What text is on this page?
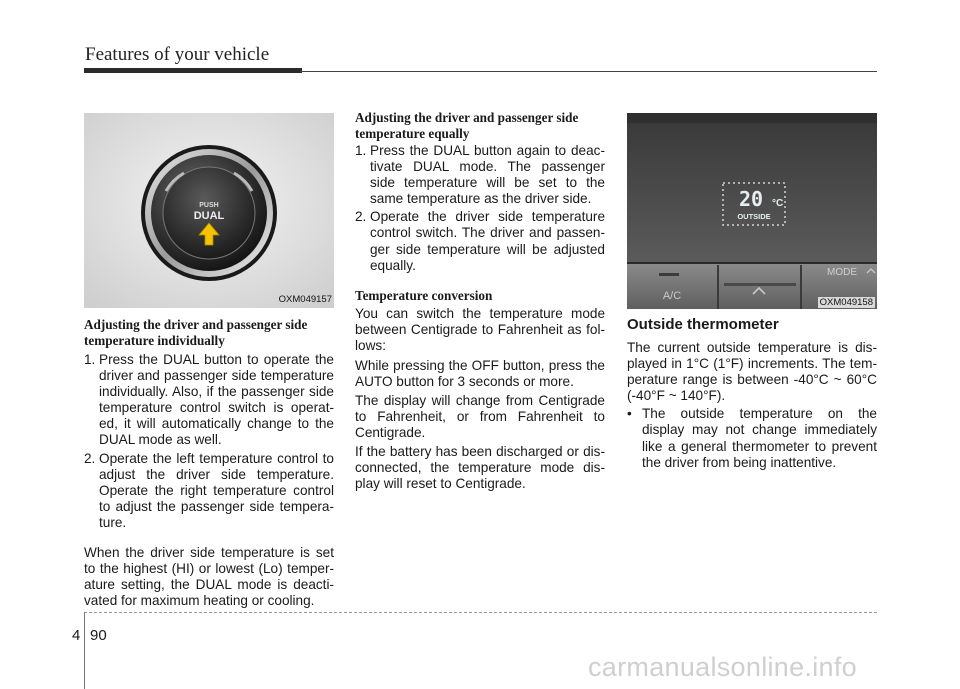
Features of your vehicle
PUSH
DUAL
OXM049157
Adjusting the driver and passenger side temperature individually
1. Press the DUAL button to operate the driver and passenger side temperature individually. Also, if the passenger side temperature control switch is operat-ed, it will automatically change to the DUAL mode as well.
2. Operate the left temperature control to adjust the driver side temperature. Operate the right temperature control to adjust the passenger side tempera-ture.

When the driver side temperature is set to the highest (HI) or lowest (Lo) temper-ature setting, the DUAL mode is deacti-vated for maximum heating or cooling.

Adjusting the driver and passenger side temperature equally
1. Press the DUAL button again to deac-tivate DUAL mode. The passenger side temperature will be set to the same temperature as the driver side.
2. Operate the driver side temperature control switch. The driver and passen-ger side temperature will be adjusted equally.
Temperature conversion

You can switch the temperature mode between Centigrade to Fahrenheit as fol-lows:

While pressing the OFF button, press the AUTO button for 3 seconds or more.

The display will change from Centigrade to Fahrenheit, or from Fahrenheit to Centigrade.

If the battery has been discharged or dis-connected, the temperature mode dis-play will reset to Centigrade.

20 °C
OUTSIDE
A/C
MODE
OXM049158
Outside thermometer

The current outside temperature is dis-played in 1°C (1°F) increments. The tem-perature range is between -40°C ~ 60°C (-40°F ~ 140°F).

• The outside temperature on the display may not change immediately like a general thermometer to prevent the driver from being inattentive.
4 90
carmanualsonline.info
